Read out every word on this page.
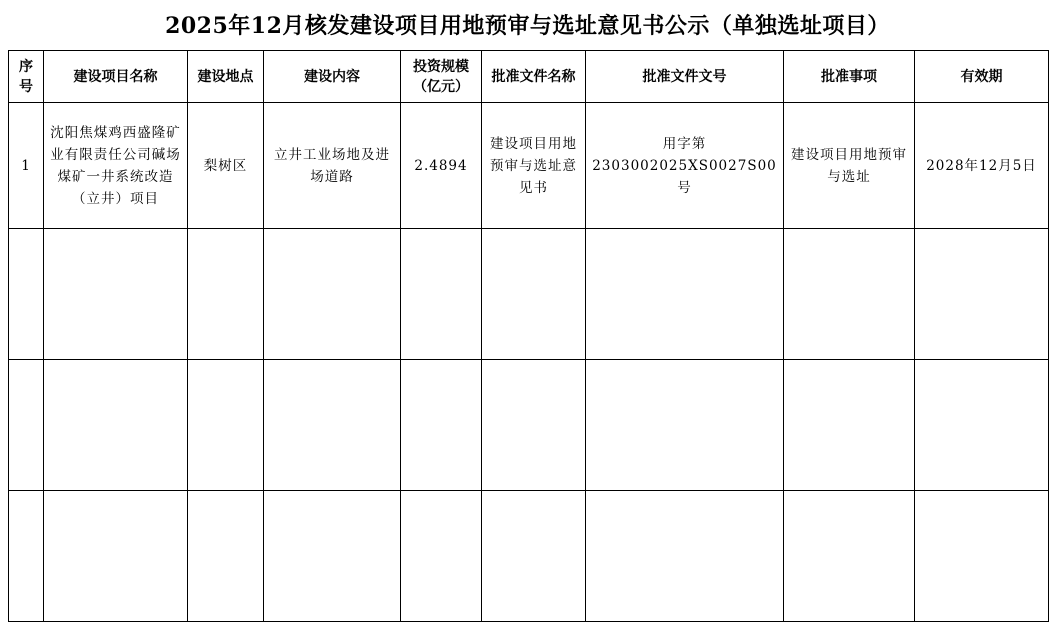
2025年12月核发建设项目用地预审与选址意见书公示（单独选址项目）
序号	建设项目名称	建设地点	建设内容	投资规模（亿元）	批准文件名称	批准文件文号	批准事项	有效期
1	沈阳焦煤鸡西盛隆矿业有限责任公司碱场煤矿一井系统改造（立井）项目	梨树区	立井工业场地及进场道路	2.4894	建设项目用地预审与选址意见书	用字第2303002025XS0027S00号	建设项目用地预审与选址	2028年12月5日
